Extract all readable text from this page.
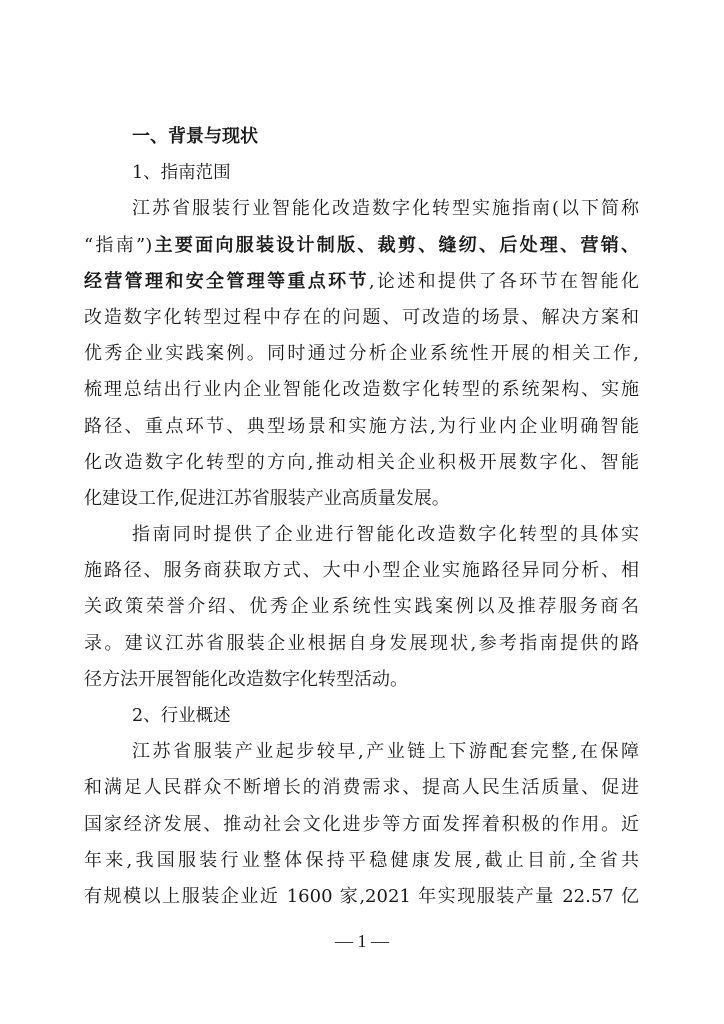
一、背景与现状
1、指南范围
江苏省服装行业智能化改造数字化转型实施指南(以下简称
“指南”)主要面向服装设计制版、裁剪、缝纫、后处理、营销、
经营管理和安全管理等重点环节,论述和提供了各环节在智能化
改造数字化转型过程中存在的问题、可改造的场景、解决方案和
优秀企业实践案例。同时通过分析企业系统性开展的相关工作,
梳理总结出行业内企业智能化改造数字化转型的系统架构、实施
路径、重点环节、典型场景和实施方法,为行业内企业明确智能
化改造数字化转型的方向,推动相关企业积极开展数字化、智能
化建设工作,促进江苏省服装产业高质量发展。
指南同时提供了企业进行智能化改造数字化转型的具体实
施路径、服务商获取方式、大中小型企业实施路径异同分析、相
关政策荣誉介绍、优秀企业系统性实践案例以及推荐服务商名
录。建议江苏省服装企业根据自身发展现状,参考指南提供的路
径方法开展智能化改造数字化转型活动。
2、行业概述
江苏省服装产业起步较早,产业链上下游配套完整,在保障
和满足人民群众不断增长的消费需求、提高人民生活质量、促进
国家经济发展、推动社会文化进步等方面发挥着积极的作用。近
年来,我国服装行业整体保持平稳健康发展,截止目前,全省共
有规模以上服装企业近 1600 家,2021 年实现服装产量 22.57 亿
— 1 —
